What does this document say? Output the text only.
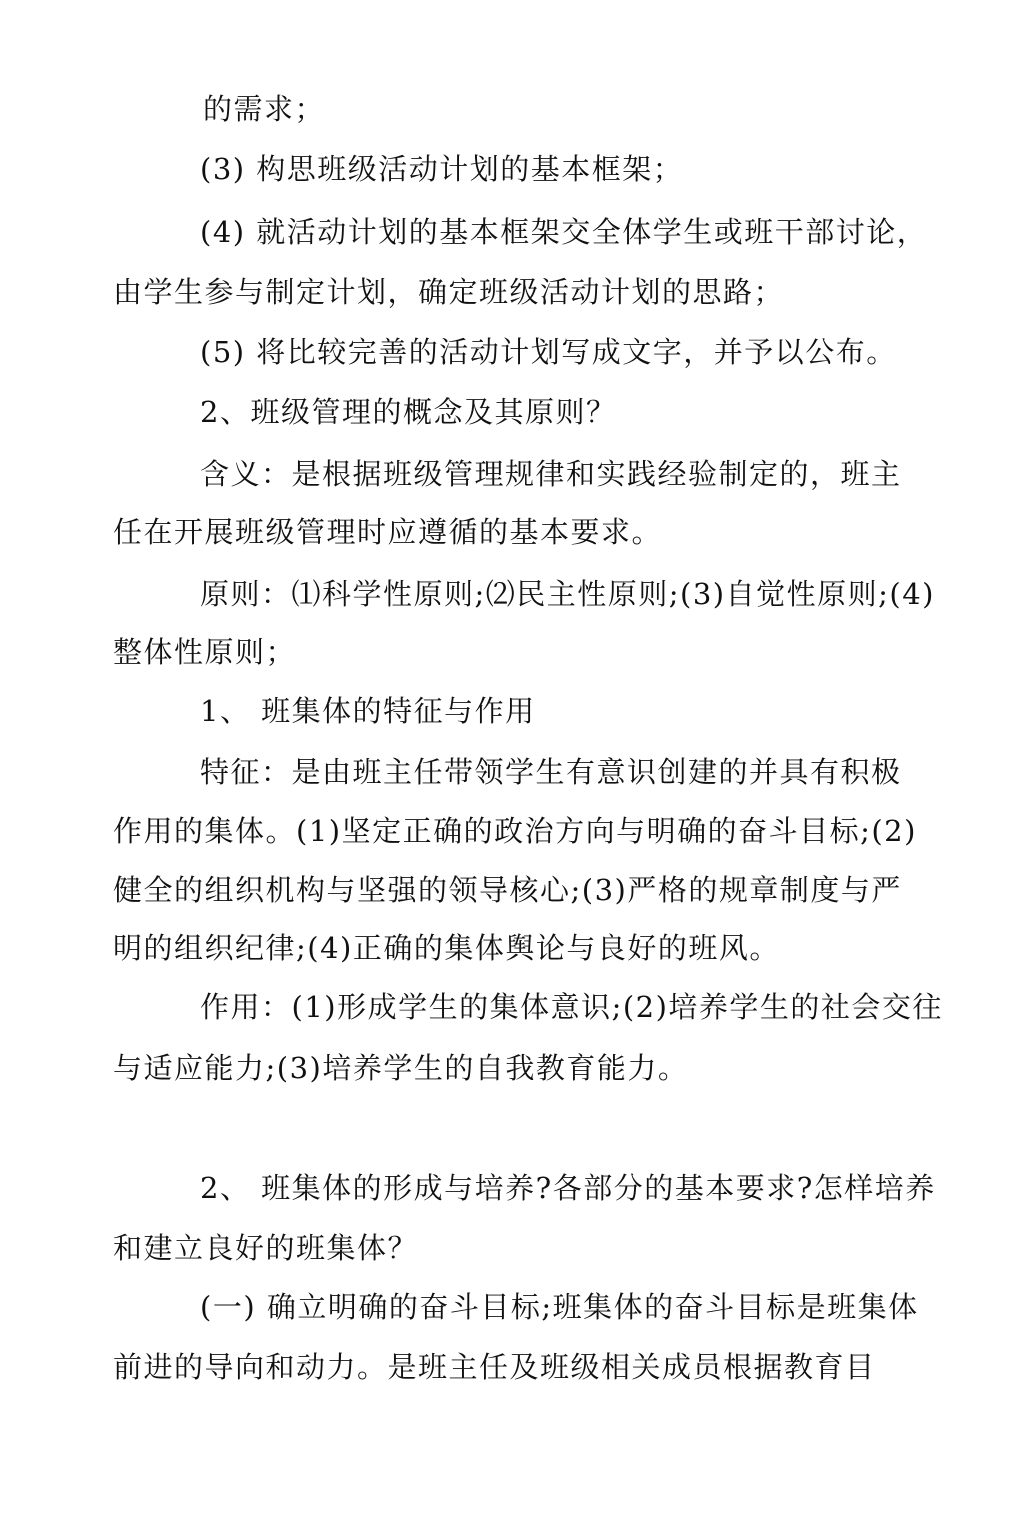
的需求；
(3) 构思班级活动计划的基本框架；
(4) 就活动计划的基本框架交全体学生或班干部讨论，
由学生参与制定计划，确定班级活动计划的思路；
(5) 将比较完善的活动计划写成文字，并予以公布。
2、班级管理的概念及其原则？
含义：是根据班级管理规律和实践经验制定的，班主
任在开展班级管理时应遵循的基本要求。
原则：⑴科学性原则;⑵民主性原则;(3)自觉性原则;(4)
整体性原则；
1、 班集体的特征与作用
特征：是由班主任带领学生有意识创建的并具有积极
作用的集体。(1)坚定正确的政治方向与明确的奋斗目标;(2)
健全的组织机构与坚强的领导核心;(3)严格的规章制度与严
明的组织纪律;(4)正确的集体舆论与良好的班风。
作用：(1)形成学生的集体意识;(2)培养学生的社会交往
与适应能力;(3)培养学生的自我教育能力。
2、 班集体的形成与培养?各部分的基本要求?怎样培养
和建立良好的班集体？
(一) 确立明确的奋斗目标;班集体的奋斗目标是班集体
前进的导向和动力。是班主任及班级相关成员根据教育目
